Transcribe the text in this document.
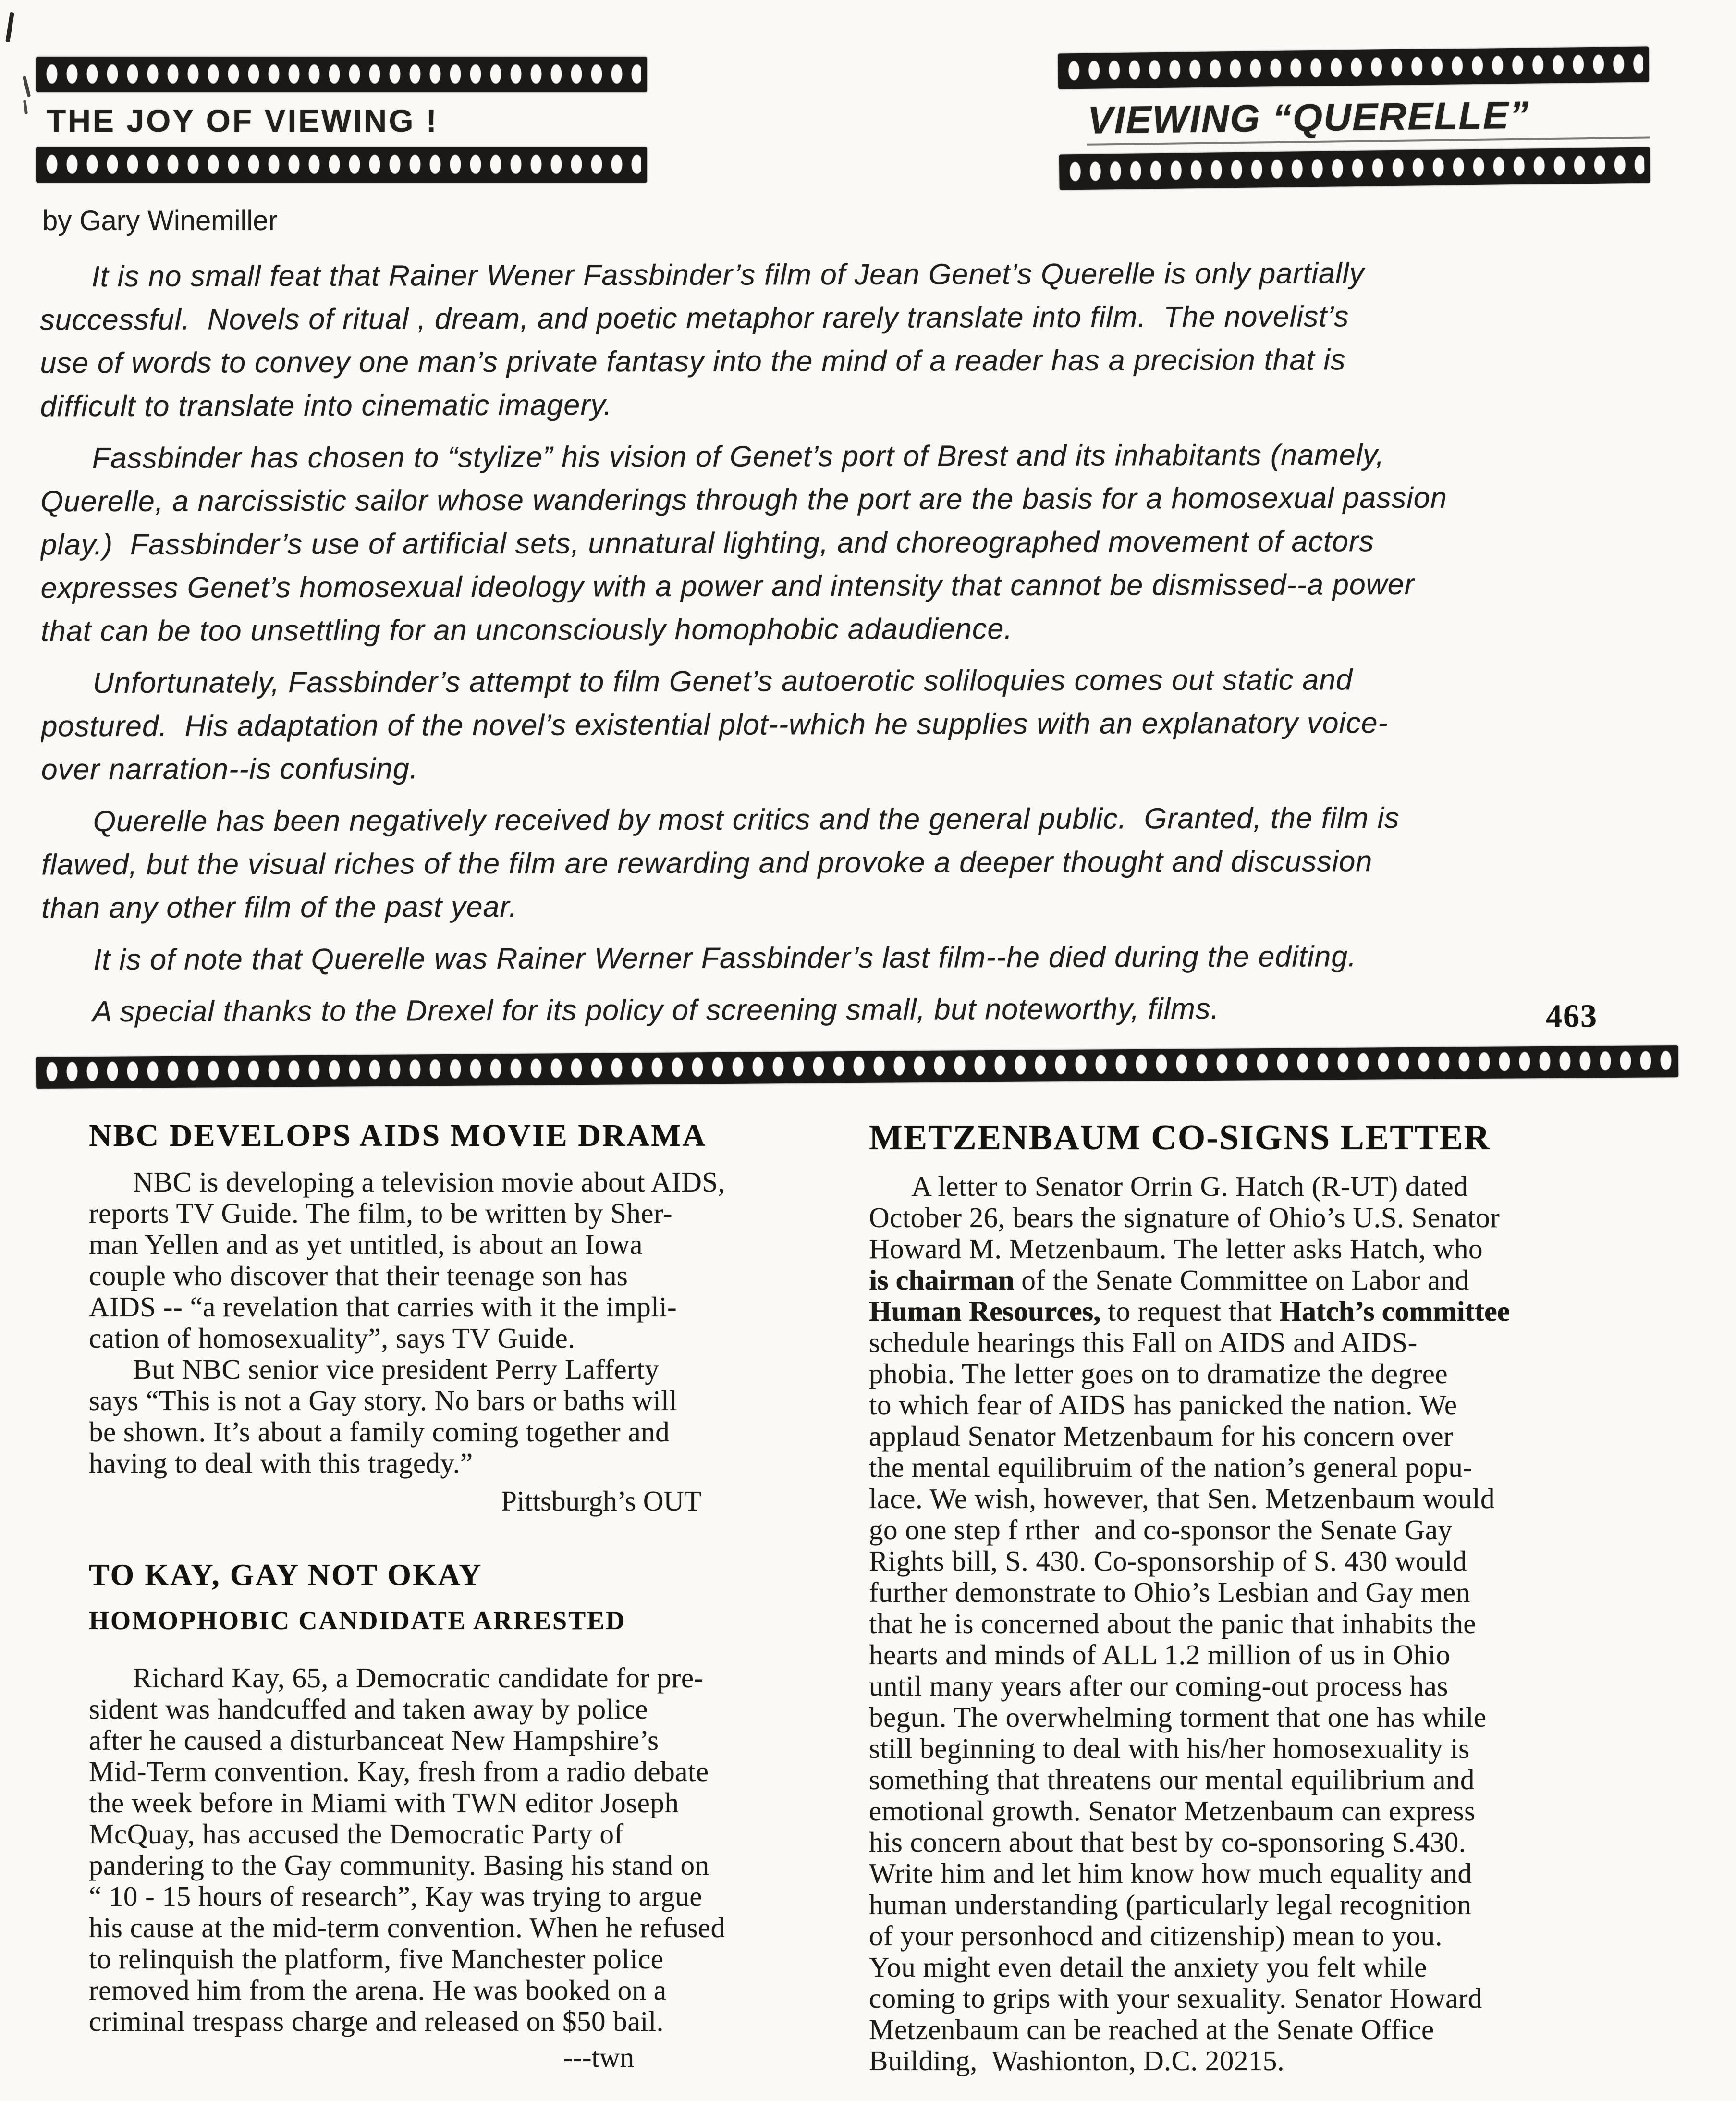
THE JOY OF VIEWING !	VIEWING “QUERELLE”
by Gary Winemiller
It is no small feat that Rainer Wener Fassbinder’s film of Jean Genet’s Querelle is only partially
successful.  Novels of ritual , dream, and poetic metaphor rarely translate into film.  The novelist’s
use of words to convey one man’s private fantasy into the mind of a reader has a precision that is
difficult to translate into cinematic imagery.
Fassbinder has chosen to “stylize” his vision of Genet’s port of Brest and its inhabitants (namely,
Querelle, a narcissistic sailor whose wanderings through the port are the basis for a homosexual passion
play.)  Fassbinder’s use of artificial sets, unnatural lighting, and choreographed movement of actors
expresses Genet’s homosexual ideology with a power and intensity that cannot be dismissed--a power
that can be too unsettling for an unconsciously homophobic adaudience.
Unfortunately, Fassbinder’s attempt to film Genet’s autoerotic soliloquies comes out static and
postured.  His adaptation of the novel’s existential plot--which he supplies with an explanatory voice-
over narration--is confusing.
Querelle has been negatively received by most critics and the general public.  Granted, the film is
flawed, but the visual riches of the film are rewarding and provoke a deeper thought and discussion
than any other film of the past year.
It is of note that Querelle was Rainer Werner Fassbinder’s last film--he died during the editing.
A special thanks to the Drexel for its policy of screening small, but noteworthy, films.	463
NBC DEVELOPS AIDS MOVIE DRAMA
NBC is developing a television movie about AIDS,
reports TV Guide. The film, to be written by Sher-
man Yellen and as yet untitled, is about an Iowa
couple who discover that their teenage son has
AIDS -- “a revelation that carries with it the impli-
cation of homosexuality”, says TV Guide.
But NBC senior vice president Perry Lafferty
says “This is not a Gay story. No bars or baths will
be shown. It’s about a family coming together and
having to deal with this tragedy.”
Pittsburgh’s OUT
TO KAY, GAY NOT OKAY
HOMOPHOBIC CANDIDATE ARRESTED
Richard Kay, 65, a Democratic candidate for pre-
sident was handcuffed and taken away by police
after he caused a disturbanceat New Hampshire’s
Mid-Term convention. Kay, fresh from a radio debate
the week before in Miami with TWN editor Joseph
McQuay, has accused the Democratic Party of
pandering to the Gay community. Basing his stand on
“ 10 - 15 hours of research”, Kay was trying to argue
his cause at the mid-term convention. When he refused
to relinquish the platform, five Manchester police
removed him from the arena. He was booked on a
criminal trespass charge and released on $50 bail.
---twn
METZENBAUM CO-SIGNS LETTER
A letter to Senator Orrin G. Hatch (R-UT) dated
October 26, bears the signature of Ohio’s U.S. Senator
Howard M. Metzenbaum. The letter asks Hatch, who
is chairman of the Senate Committee on Labor and
Human Resources, to request that Hatch’s committee
schedule hearings this Fall on AIDS and AIDS-
phobia. The letter goes on to dramatize the degree
to which fear of AIDS has panicked the nation. We
applaud Senator Metzenbaum for his concern over
the mental equilibruim of the nation’s general popu-
lace. We wish, however, that Sen. Metzenbaum would
go one step f rther  and co-sponsor the Senate Gay
Rights bill, S. 430. Co-sponsorship of S. 430 would
further demonstrate to Ohio’s Lesbian and Gay men
that he is concerned about the panic that inhabits the
hearts and minds of ALL 1.2 million of us in Ohio
until many years after our coming-out process has
begun. The overwhelming torment that one has while
still beginning to deal with his/her homosexuality is
something that threatens our mental equilibrium and
emotional growth. Senator Metzenbaum can express
his concern about that best by co-sponsoring S.430.
Write him and let him know how much equality and
human understanding (particularly legal recognition
of your personhocd and citizenship) mean to you.
You might even detail the anxiety you felt while
coming to grips with your sexuality. Senator Howard
Metzenbaum can be reached at the Senate Office
Building,  Washionton, D.C. 20215.
